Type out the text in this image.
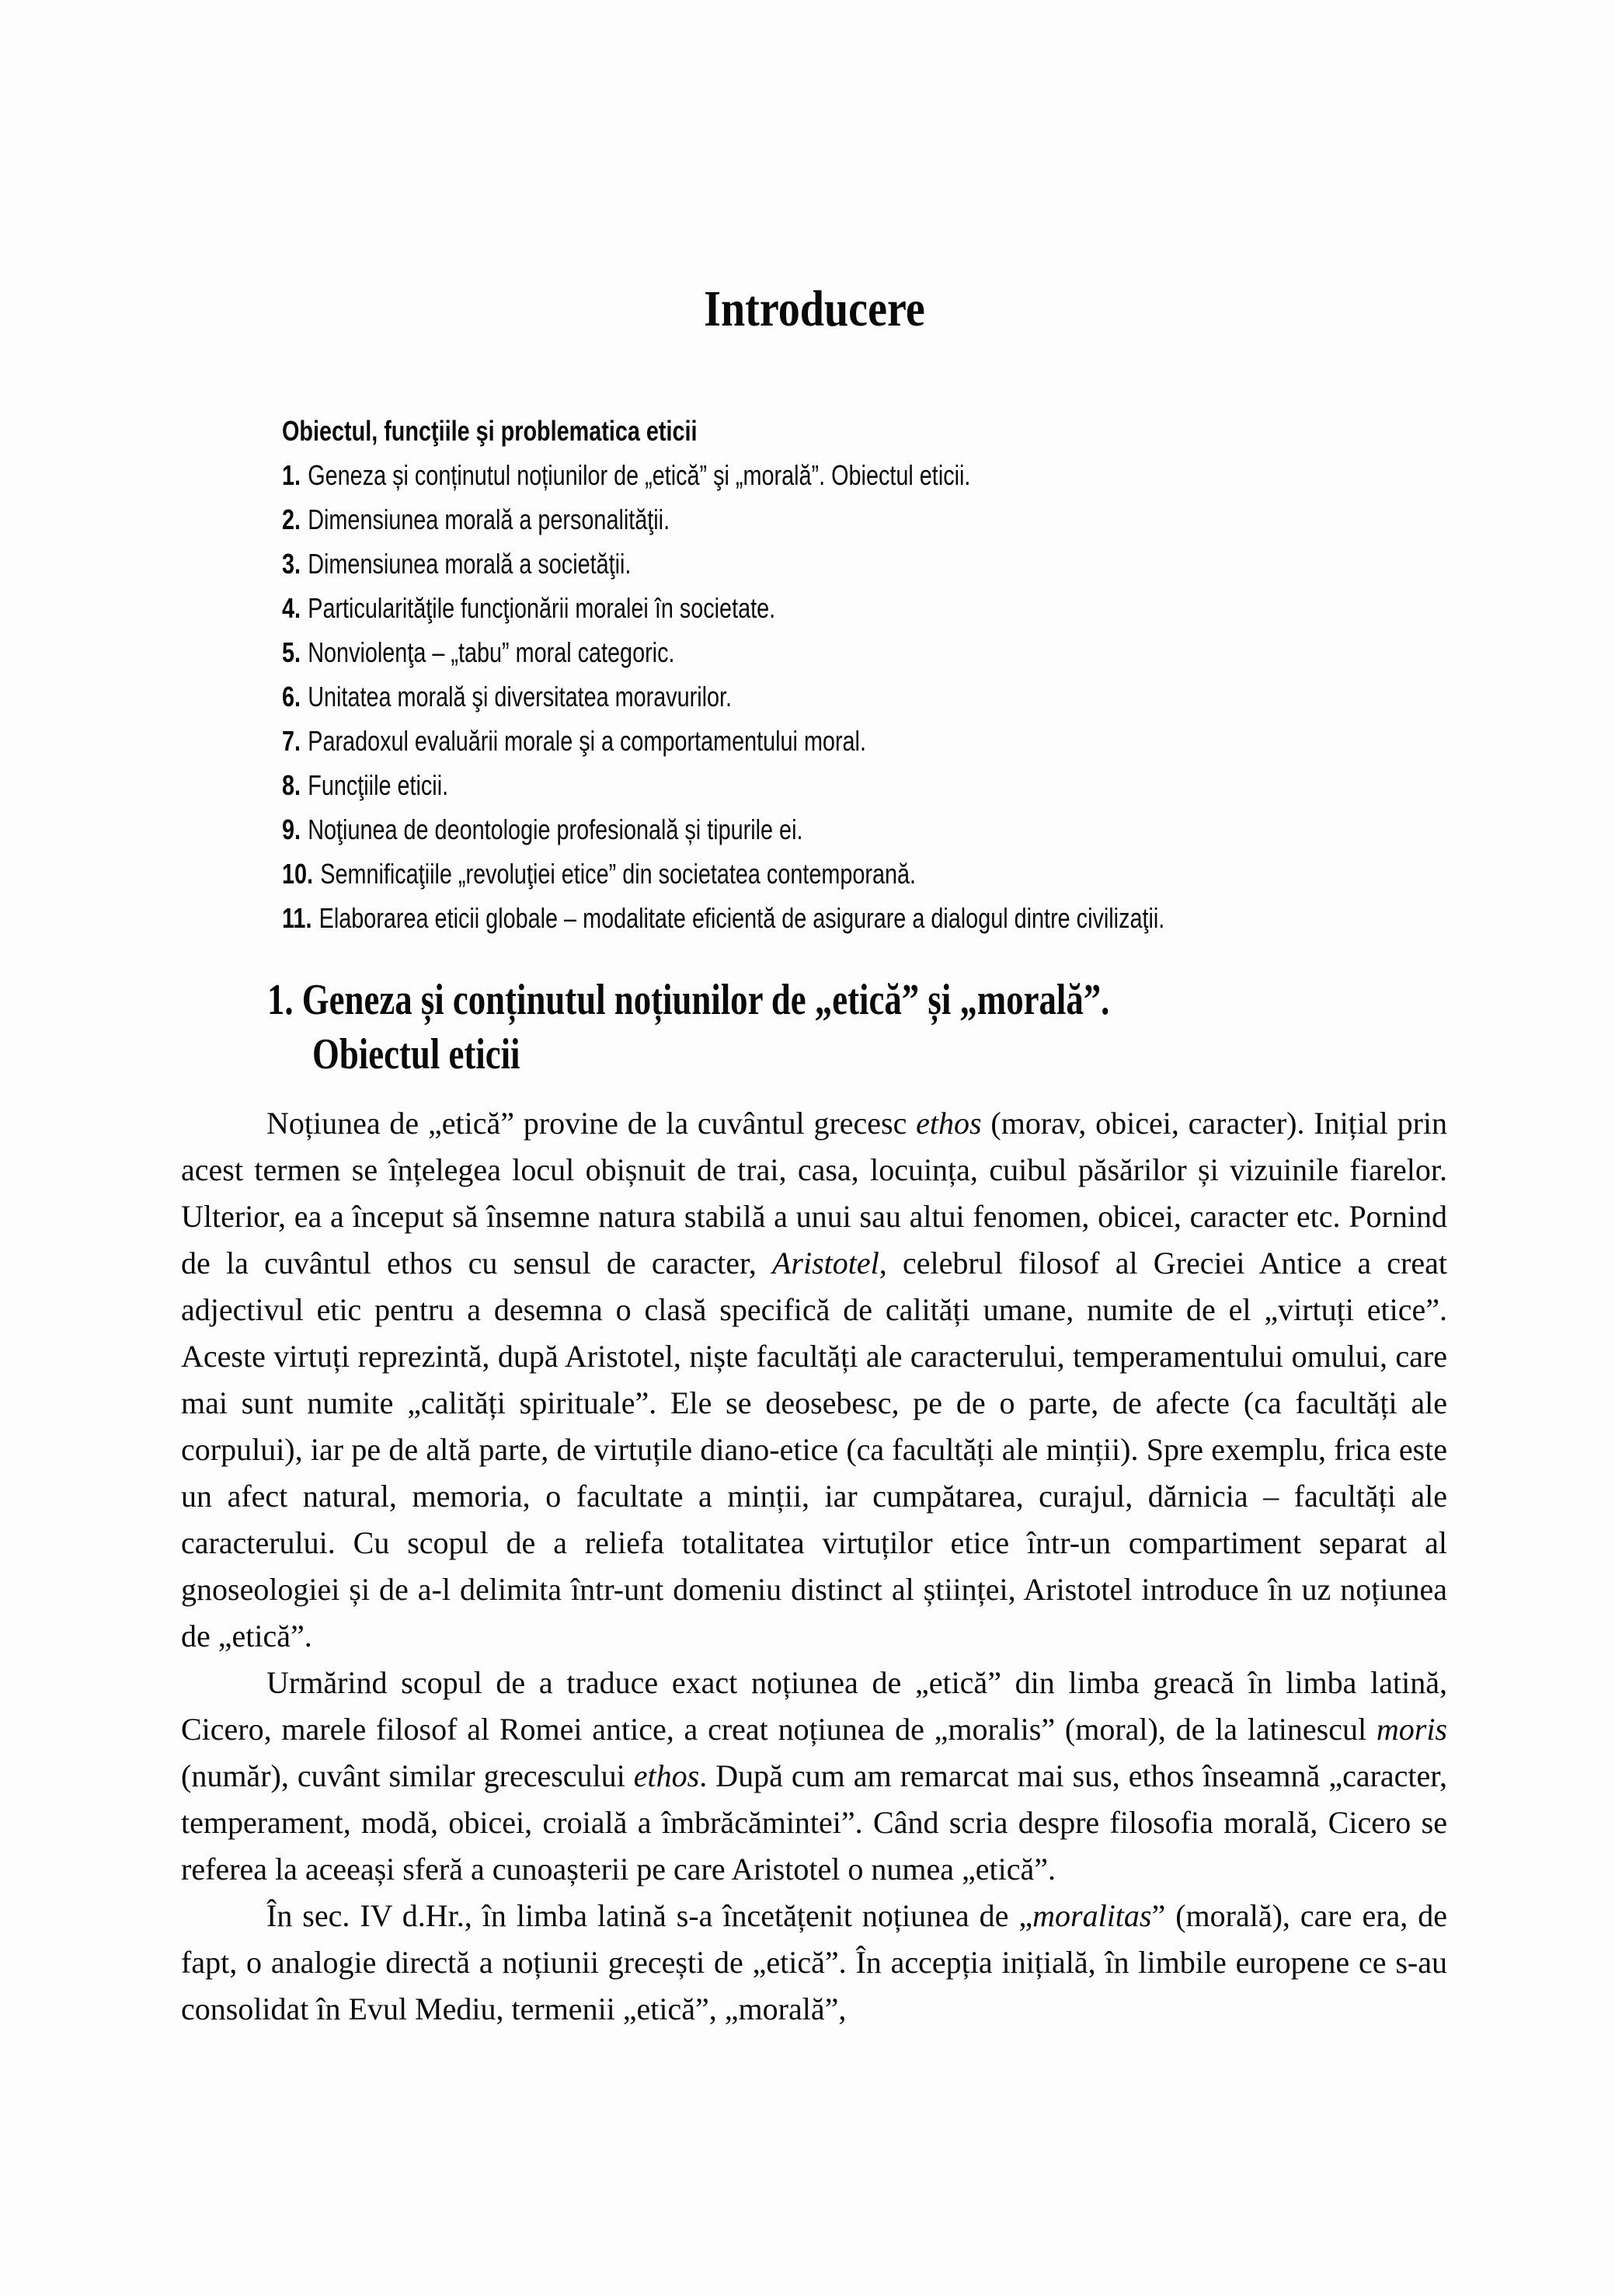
Introducere
Obiectul, funcţiile şi problematica eticii
1. Geneza și conținutul noțiunilor de „etică” şi „morală”. Obiectul eticii.
2. Dimensiunea morală a personalităţii.
3. Dimensiunea morală a societăţii.
4. Particularităţile funcţionării moralei în societate.
5. Nonviolenţa – „tabu” moral categoric.
6. Unitatea morală şi diversitatea moravurilor.
7. Paradoxul evaluării morale şi a comportamentului moral.
8. Funcţiile eticii.
9. Noţiunea de deontologie profesională și tipurile ei.
10. Semnificaţiile „revoluţiei etice” din societatea contemporană.
11. Elaborarea eticii globale – modalitate eficientă de asigurare a dialogul dintre civilizaţii.
1. Geneza și conținutul noțiunilor de „etică” și „morală”.
Obiectul eticii

Noțiunea de „etică” provine de la cuvântul grecesc ethos (morav, obicei, caracter). Inițial prin acest termen se înțelegea locul obișnuit de trai, casa, locuința, cuibul păsărilor și vizuinile fiarelor. Ulterior, ea a început să însemne natura stabilă a unui sau altui fenomen, obicei, caracter etc. Pornind de la cuvântul ethos cu sensul de caracter, Aristotel, celebrul filosof al Greciei Antice a creat adjectivul etic pentru a desemna o clasă specifică de calități umane, numite de el „virtuți etice”. Aceste virtuți reprezintă, după Aristotel, niște facultăți ale caracterului, temperamentului omului, care mai sunt numite „calități spirituale”. Ele se deosebesc, pe de o parte, de afecte (ca facultăți ale corpului), iar pe de altă parte, de virtuțile diano-etice (ca facultăți ale minții). Spre exemplu, frica este un afect natural, memoria, o facultate a minții, iar cumpătarea, curajul, dărnicia – facultăți ale caracterului. Cu scopul de a reliefa totalitatea virtuților etice într-un compartiment separat al gnoseologiei și de a-l delimita într-unt domeniu distinct al științei, Aristotel introduce în uz noțiunea de „etică”.

Urmărind scopul de a traduce exact noțiunea de „etică” din limba greacă în limba latină, Cicero, marele filosof al Romei antice, a creat noțiunea de „moralis” (moral), de la latinescul moris (număr), cuvânt similar grecescului ethos. După cum am remarcat mai sus, ethos înseamnă „caracter, temperament, modă, obicei, croială a îmbrăcămintei”. Când scria despre filosofia morală, Cicero se referea la aceeași sferă a cunoașterii pe care Aristotel o numea „etică”.

În sec. IV d.Hr., în limba latină s-a încetățenit noțiunea de „moralitas” (morală), care era, de fapt, o analogie directă a noțiunii grecești de „etică”. În accepția inițială, în limbile europene ce s-au consolidat în Evul Mediu, termenii „etică”, „morală”,
